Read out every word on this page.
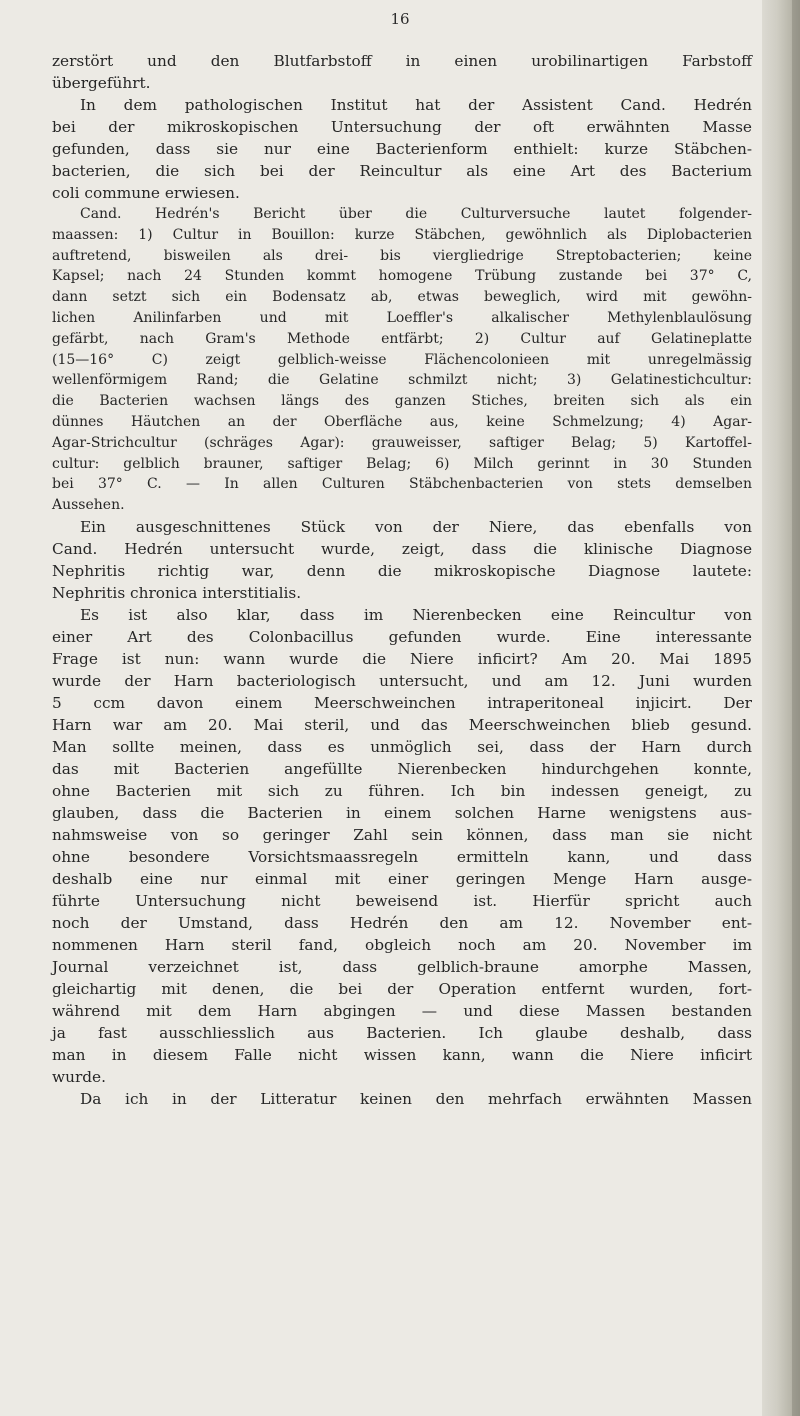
16
zerstört und den Blutfarbstoff in einen urobilinartigen Farbstoff
übergeführt.
In dem pathologischen Institut hat der Assistent Cand. Hedrén
bei der mikroskopischen Untersuchung der oft erwähnten Masse
gefunden, dass sie nur eine Bacterienform enthielt: kurze Stäbchen-
bacterien, die sich bei der Reincultur als eine Art des Bacterium
coli commune erwiesen.
Cand. Hedrén's Bericht über die Culturversuche lautet folgender-
maassen: 1) Cultur in Bouillon: kurze Stäbchen, gewöhnlich als Diplobacterien
auftretend, bisweilen als drei- bis viergliedrige Streptobacterien; keine
Kapsel; nach 24 Stunden kommt homogene Trübung zustande bei 37° C,
dann setzt sich ein Bodensatz ab, etwas beweglich, wird mit gewöhn-
lichen Anilinfarben und mit Loeffler's alkalischer Methylenblaulösung
gefärbt, nach Gram's Methode entfärbt; 2) Cultur auf Gelatineplatte
(15—16° C) zeigt gelblich-weisse Flächencolonieen mit unregelmässig
wellenförmigem Rand; die Gelatine schmilzt nicht; 3) Gelatinestichcultur:
die Bacterien wachsen längs des ganzen Stiches, breiten sich als ein
dünnes Häutchen an der Oberfläche aus, keine Schmelzung; 4) Agar-
Agar-Strichcultur (schräges Agar): grauweisser, saftiger Belag; 5) Kartoffel-
cultur: gelblich brauner, saftiger Belag; 6) Milch gerinnt in 30 Stunden
bei 37° C. — In allen Culturen Stäbchenbacterien von stets demselben
Aussehen.
Ein ausgeschnittenes Stück von der Niere, das ebenfalls von
Cand. Hedrén untersucht wurde, zeigt, dass die klinische Diagnose
Nephritis richtig war, denn die mikroskopische Diagnose lautete:
Nephritis chronica interstitialis.
Es ist also klar, dass im Nierenbecken eine Reincultur von
einer Art des Colonbacillus gefunden wurde. Eine interessante
Frage ist nun: wann wurde die Niere inficirt? Am 20. Mai 1895
wurde der Harn bacteriologisch untersucht, und am 12. Juni wurden
5 ccm davon einem Meerschweinchen intraperitoneal injicirt. Der
Harn war am 20. Mai steril, und das Meerschweinchen blieb gesund.
Man sollte meinen, dass es unmöglich sei, dass der Harn durch
das mit Bacterien angefüllte Nierenbecken hindurchgehen konnte,
ohne Bacterien mit sich zu führen. Ich bin indessen geneigt, zu
glauben, dass die Bacterien in einem solchen Harne wenigstens aus-
nahmsweise von so geringer Zahl sein können, dass man sie nicht
ohne besondere Vorsichtsmaassregeln ermitteln kann, und dass
deshalb eine nur einmal mit einer geringen Menge Harn ausge-
führte Untersuchung nicht beweisend ist. Hierfür spricht auch
noch der Umstand, dass Hedrén den am 12. November ent-
nommenen Harn steril fand, obgleich noch am 20. November im
Journal verzeichnet ist, dass gelblich-braune amorphe Massen,
gleichartig mit denen, die bei der Operation entfernt wurden, fort-
während mit dem Harn abgingen — und diese Massen bestanden
ja fast ausschliesslich aus Bacterien. Ich glaube deshalb, dass
man in diesem Falle nicht wissen kann, wann die Niere inficirt
wurde.
Da ich in der Litteratur keinen den mehrfach erwähnten Massen
